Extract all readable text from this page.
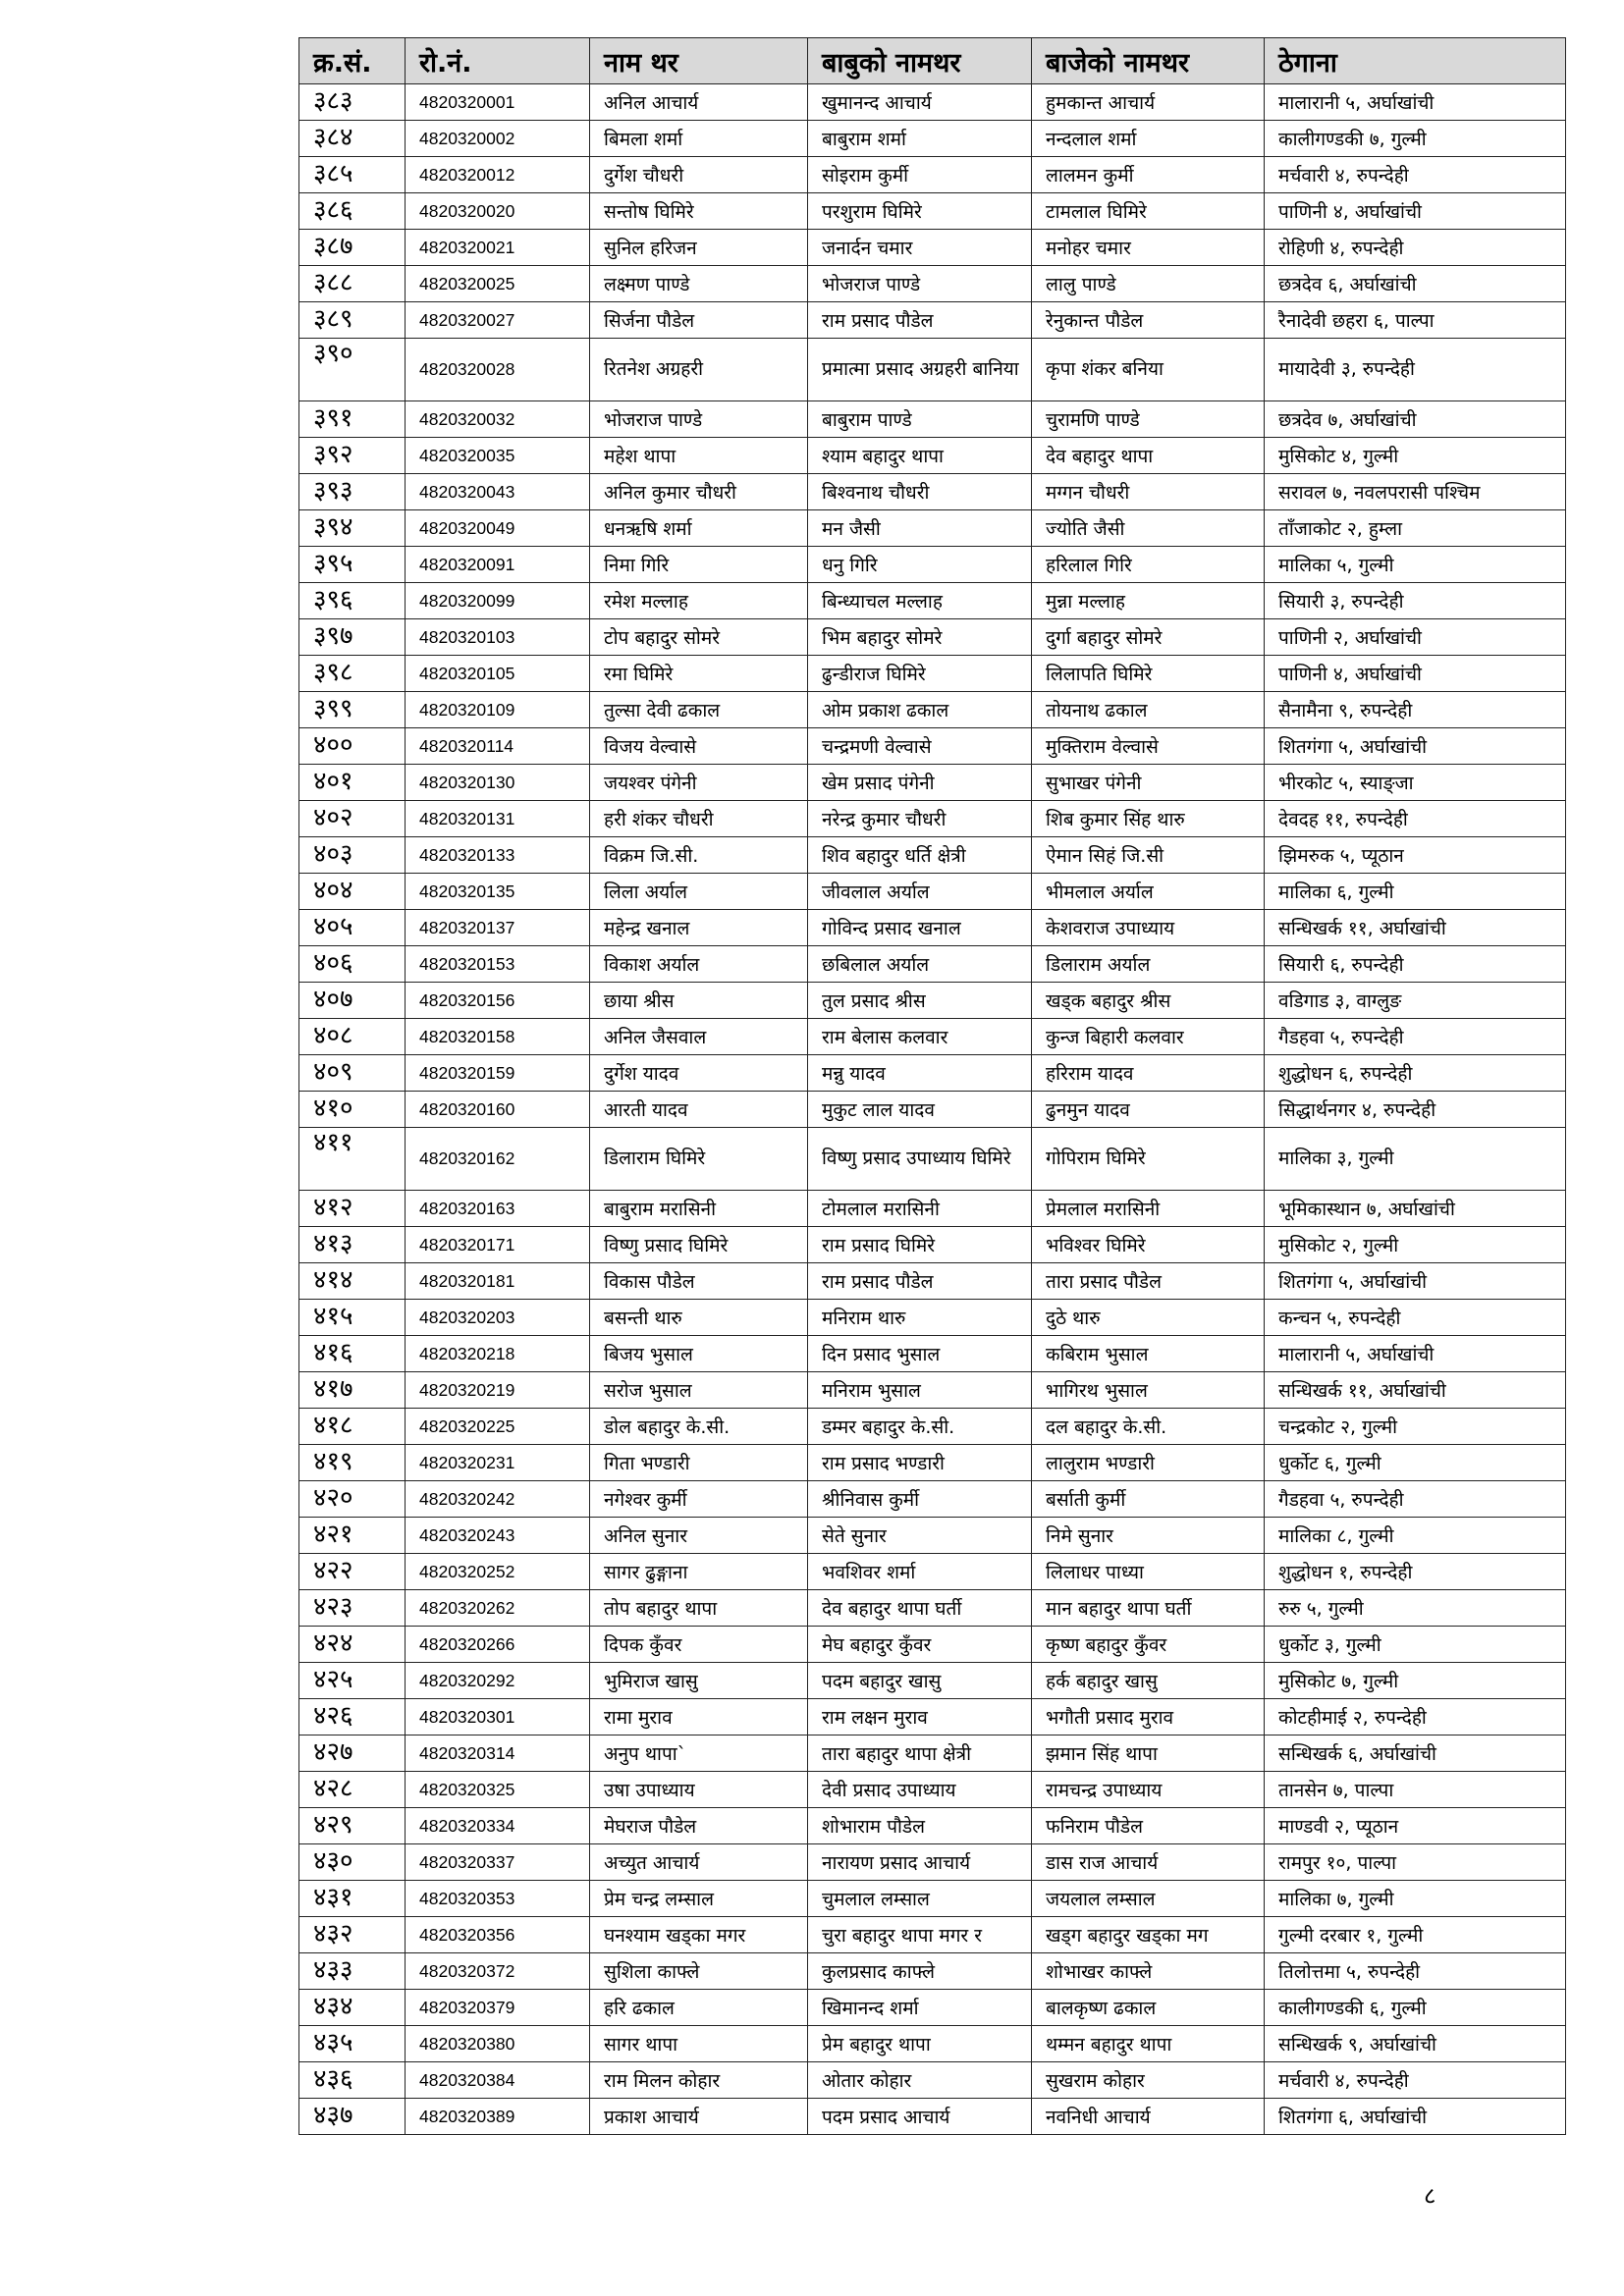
क्र.सं.	रो.नं.	नाम थर	बाबुको नामथर	बाजेको नामथर	ठेगाना
३८३	4820320001	अनिल आचार्य	खुमानन्द आचार्य	हुमकान्त आचार्य	मालारानी ५, अर्घाखांची
३८४	4820320002	बिमला शर्मा	बाबुराम शर्मा	नन्दलाल शर्मा	कालीगण्डकी ७, गुल्मी
३८५	4820320012	दुर्गेश चौधरी	सोइराम कुर्मी	लालमन कुर्मी	मर्चवारी ४, रुपन्देही
३८६	4820320020	सन्तोष घिमिरे	परशुराम घिमिरे	टामलाल घिमिरे	पाणिनी ४, अर्घाखांची
३८७	4820320021	सुनिल हरिजन	जनार्दन चमार	मनोहर चमार	रोहिणी ४, रुपन्देही
३८८	4820320025	लक्ष्मण पाण्डे	भोजराज पाण्डे	लालु पाण्डे	छत्रदेव ६, अर्घाखांची
३८९	4820320027	सिर्जना पौडेल	राम प्रसाद पौडेल	रेनुकान्त पौडेल	रैनादेवी छहरा ६, पाल्पा
३९०	4820320028	रितनेश अग्रहरी	प्रमात्मा प्रसाद अग्रहरी बानिया	कृपा शंकर बनिया	मायादेवी ३, रुपन्देही
३९१	4820320032	भोजराज पाण्डे	बाबुराम पाण्डे	चुरामणि पाण्डे	छत्रदेव ७, अर्घाखांची
३९२	4820320035	महेश थापा	श्याम बहादुर थापा	देव बहादुर थापा	मुसिकोट ४, गुल्मी
३९३	4820320043	अनिल कुमार चौधरी	बिश्वनाथ चौधरी	मग्गन चौधरी	सरावल ७, नवलपरासी पश्चिम
३९४	4820320049	धनऋषि शर्मा	मन जैसी	ज्योति जैसी	ताँजाकोट २, हुम्ला
३९५	4820320091	निमा गिरि	धनु गिरि	हरिलाल गिरि	मालिका ५, गुल्मी
३९६	4820320099	रमेश मल्लाह	बिन्ध्याचल मल्लाह	मुन्ना मल्लाह	सियारी ३, रुपन्देही
३९७	4820320103	टोप बहादुर सोमरे	भिम बहादुर सोमरे	दुर्गा बहादुर सोमरे	पाणिनी २, अर्घाखांची
३९८	4820320105	रमा घिमिरे	ढुन्डीराज घिमिरे	लिलापति घिमिरे	पाणिनी ४, अर्घाखांची
३९९	4820320109	तुल्सा देवी ढकाल	ओम प्रकाश ढकाल	तोयनाथ ढकाल	सैनामैना ९, रुपन्देही
४००	4820320114	विजय वेल्वासे	चन्द्रमणी वेल्वासे	मुक्तिराम वेल्वासे	शितगंगा ५, अर्घाखांची
४०१	4820320130	जयश्वर पंगेनी	खेम प्रसाद पंगेनी	सुभाखर पंगेनी	भीरकोट ५, स्याङ्जा
४०२	4820320131	हरी शंकर चौधरी	नरेन्द्र कुमार चौधरी	शिब कुमार सिंह थारु	देवदह ११, रुपन्देही
४०३	4820320133	विक्रम जि.सी.	शिव बहादुर धर्ति क्षेत्री	ऐमान सिहं जि.सी	झिमरुक ५, प्यूठान
४०४	4820320135	लिला अर्याल	जीवलाल अर्याल	भीमलाल अर्याल	मालिका ६, गुल्मी
४०५	4820320137	महेन्द्र खनाल	गोविन्द प्रसाद खनाल	केशवराज उपाध्याय	सन्धिखर्क ११, अर्घाखांची
४०६	4820320153	विकाश अर्याल	छबिलाल अर्याल	डिलाराम अर्याल	सियारी ६, रुपन्देही
४०७	4820320156	छाया श्रीस	तुल प्रसाद श्रीस	खड्क बहादुर श्रीस	वडिगाड ३, वाग्लुङ
४०८	4820320158	अनिल जैसवाल	राम बेलास कलवार	कुन्ज बिहारी कलवार	गैडहवा ५, रुपन्देही
४०९	4820320159	दुर्गेश यादव	मन्नु यादव	हरिराम यादव	शुद्धोधन ६, रुपन्देही
४१०	4820320160	आरती यादव	मुकुट लाल यादव	ढुनमुन यादव	सिद्धार्थनगर ४, रुपन्देही
४११	4820320162	डिलाराम घिमिरे	विष्णु प्रसाद उपाध्याय घिमिरे	गोपिराम घिमिरे	मालिका ३, गुल्मी
४१२	4820320163	बाबुराम मरासिनी	टोमलाल मरासिनी	प्रेमलाल मरासिनी	भूमिकास्थान ७, अर्घाखांची
४१३	4820320171	विष्णु प्रसाद घिमिरे	राम प्रसाद घिमिरे	भविश्वर घिमिरे	मुसिकोट २, गुल्मी
४१४	4820320181	विकास पौडेल	राम प्रसाद पौडेल	तारा प्रसाद पौडेल	शितगंगा ५, अर्घाखांची
४१५	4820320203	बसन्ती थारु	मनिराम थारु	दुठे थारु	कन्चन ५, रुपन्देही
४१६	4820320218	बिजय भुसाल	दिन प्रसाद भुसाल	कबिराम भुसाल	मालारानी ५, अर्घाखांची
४१७	4820320219	सरोज भुसाल	मनिराम भुसाल	भागिरथ भुसाल	सन्धिखर्क ११, अर्घाखांची
४१८	4820320225	डोल बहादुर के.सी.	डम्मर बहादुर के.सी.	दल बहादुर के.सी.	चन्द्रकोट २, गुल्मी
४१९	4820320231	गिता भण्डारी	राम प्रसाद भण्डारी	लालुराम भण्डारी	धुर्कोट ६, गुल्मी
४२०	4820320242	नगेश्वर कुर्मी	श्रीनिवास कुर्मी	बर्साती कुर्मी	गैडहवा ५, रुपन्देही
४२१	4820320243	अनिल सुनार	सेते सुनार	निमे सुनार	मालिका ८, गुल्मी
४२२	4820320252	सागर ढुङ्गाना	भवशिवर शर्मा	लिलाधर पाध्या	शुद्धोधन १, रुपन्देही
४२३	4820320262	तोप बहादुर थापा	देव बहादुर थापा घर्ती	मान बहादुर थापा घर्ती	रुरु ५, गुल्मी
४२४	4820320266	दिपक कुँवर	मेघ बहादुर कुँवर	कृष्ण बहादुर कुँवर	धुर्कोट ३, गुल्मी
४२५	4820320292	भुमिराज खासु	पदम बहादुर खासु	हर्क बहादुर खासु	मुसिकोट ७, गुल्मी
४२६	4820320301	रामा मुराव	राम लक्षन मुराव	भगौती प्रसाद मुराव	कोटहीमाई २, रुपन्देही
४२७	4820320314	अनुप थापा`	तारा बहादुर थापा क्षेत्री	झमान सिंह थापा	सन्धिखर्क ६, अर्घाखांची
४२८	4820320325	उषा उपाध्याय	देवी प्रसाद उपाध्याय	रामचन्द्र उपाध्याय	तानसेन ७, पाल्पा
४२९	4820320334	मेघराज पौडेल	शोभाराम पौडेल	फनिराम पौडेल	माण्डवी २, प्यूठान
४३०	4820320337	अच्युत आचार्य	नारायण प्रसाद आचार्य	डास राज आचार्य	रामपुर १०, पाल्पा
४३१	4820320353	प्रेम चन्द्र लम्साल	चुमलाल लम्साल	जयलाल लम्साल	मालिका ७, गुल्मी
४३२	4820320356	घनश्याम खड्का मगर	चुरा बहादुर थापा मगर र	खड्ग बहादुर खड्का मग	गुल्मी दरबार १, गुल्मी
४३३	4820320372	सुशिला काफ्ले	कुलप्रसाद काफ्ले	शोभाखर काफ्ले	तिलोत्तमा ५, रुपन्देही
४३४	4820320379	हरि ढकाल	खिमानन्द शर्मा	बालकृष्ण ढकाल	कालीगण्डकी ६, गुल्मी
४३५	4820320380	सागर थापा	प्रेम बहादुर थापा	थम्मन बहादुर थापा	सन्धिखर्क ९, अर्घाखांची
४३६	4820320384	राम मिलन कोहार	ओतार कोहार	सुखराम कोहार	मर्चवारी ४, रुपन्देही
४३७	4820320389	प्रकाश आचार्य	पदम प्रसाद आचार्य	नवनिधी आचार्य	शितगंगा ६, अर्घाखांची
८
